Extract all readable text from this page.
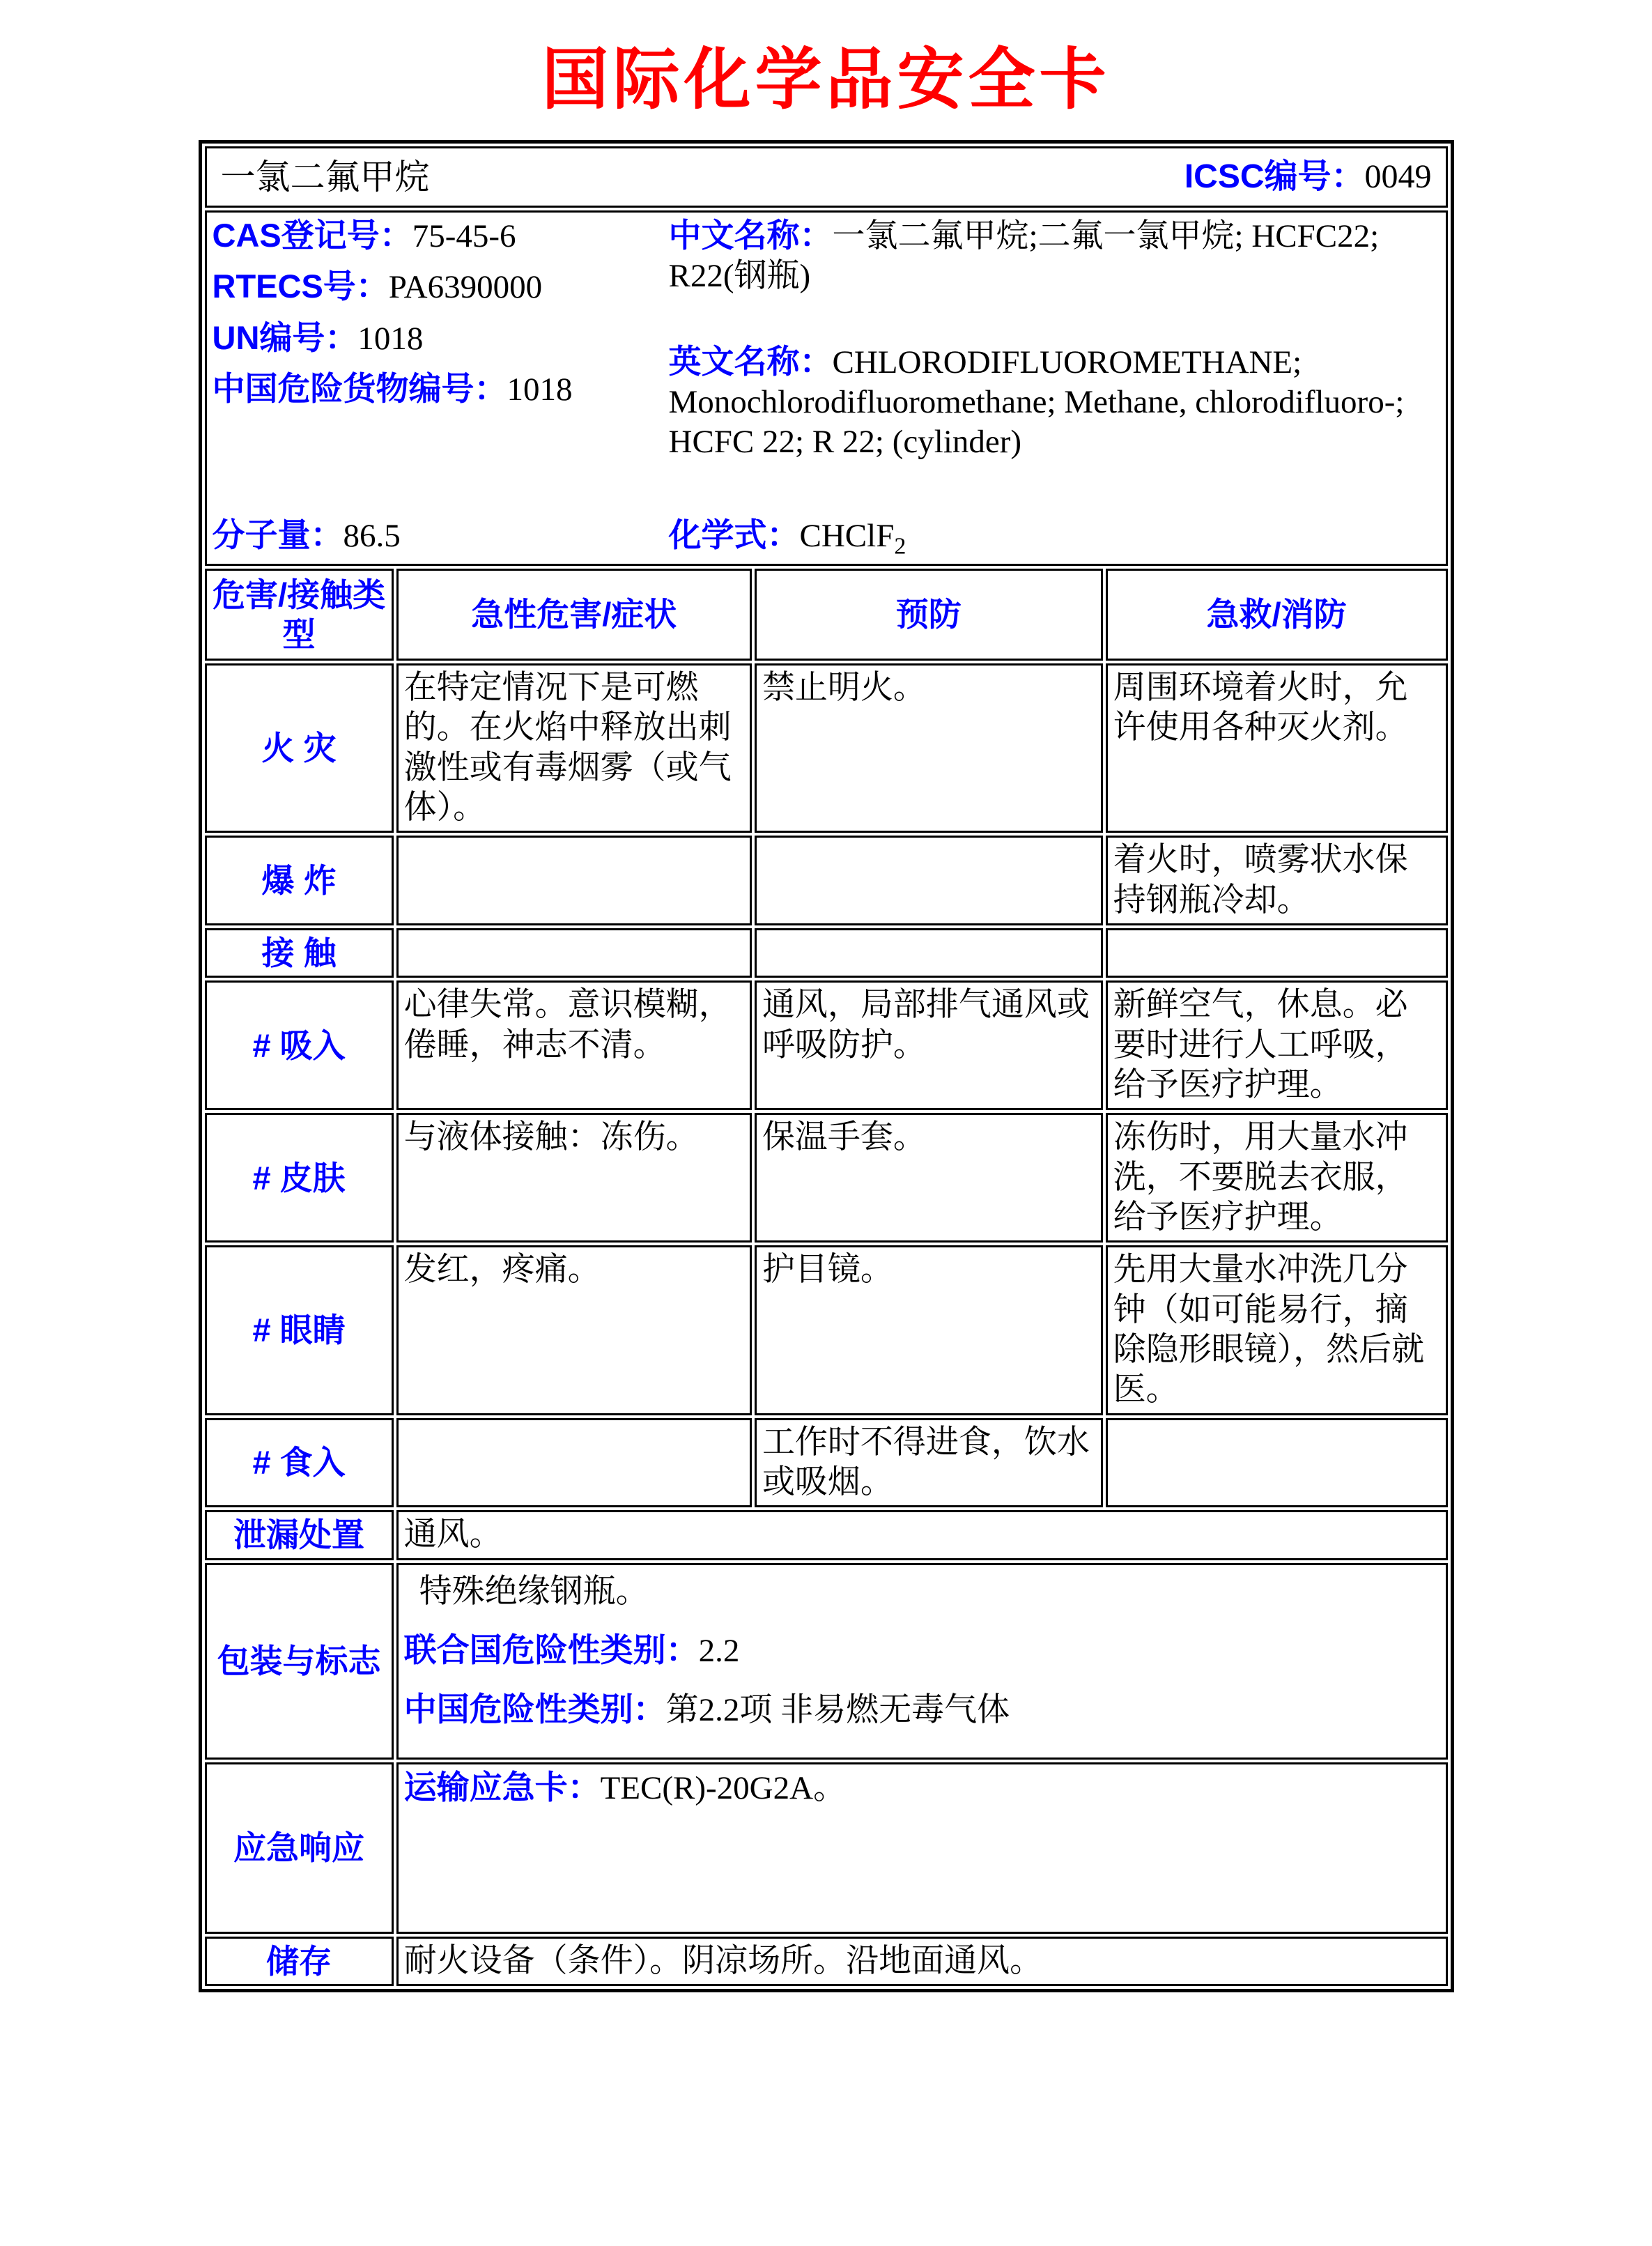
国际化学品安全卡
一氯二氟甲烷 ICSC编号：0049			

CAS登记号：75-45-6
RTECS号：PA6390000
UN编号：1018
中国危险货物编号：1018
中文名称：一氯二氟甲烷;二氟一氯甲烷; HCFC22; R22(钢瓶)
英文名称：CHLORODIFLUOROMETHANE; Monochlorodifluoromethane; Methane, chlorodifluoro-; HCFC 22; R 22; (cylinder)
分子量：86.5	化学式：CHClF$_2$

危害/接触类型	急性危害/症状	预防	急救/消防
火 灾	在特定情况下是可燃的。在火焰中释放出刺激性或有毒烟雾（或气体）。	禁止明火。	周围环境着火时，允许使用各种灭火剂。
爆 炸			着火时，喷雾状水保持钢瓶冷却。
接 触			
# 吸入	心律失常。意识模糊，倦睡，神志不清。	通风，局部排气通风或呼吸防护。	新鲜空气，休息。必要时进行人工呼吸，给予医疗护理。
# 皮肤	与液体接触：冻伤。	保温手套。	冻伤时，用大量水冲洗，不要脱去衣服，给予医疗护理。
# 眼睛	发红，疼痛。	护目镜。	先用大量水冲洗几分钟（如可能易行，摘除隐形眼镜），然后就医。
# 食入		工作时不得进食，饮水或吸烟。	
泄漏处置	通风。		
包装与标志	特殊绝缘钢瓶。
联合国危险性类别：2.2
中国危险性类别：第2.2项 非易燃无毒气体		

应急响应	运输应急卡：TEC(R)-20G2A。		

储存	耐火设备（条件）。阴凉场所。沿地面通风。		
